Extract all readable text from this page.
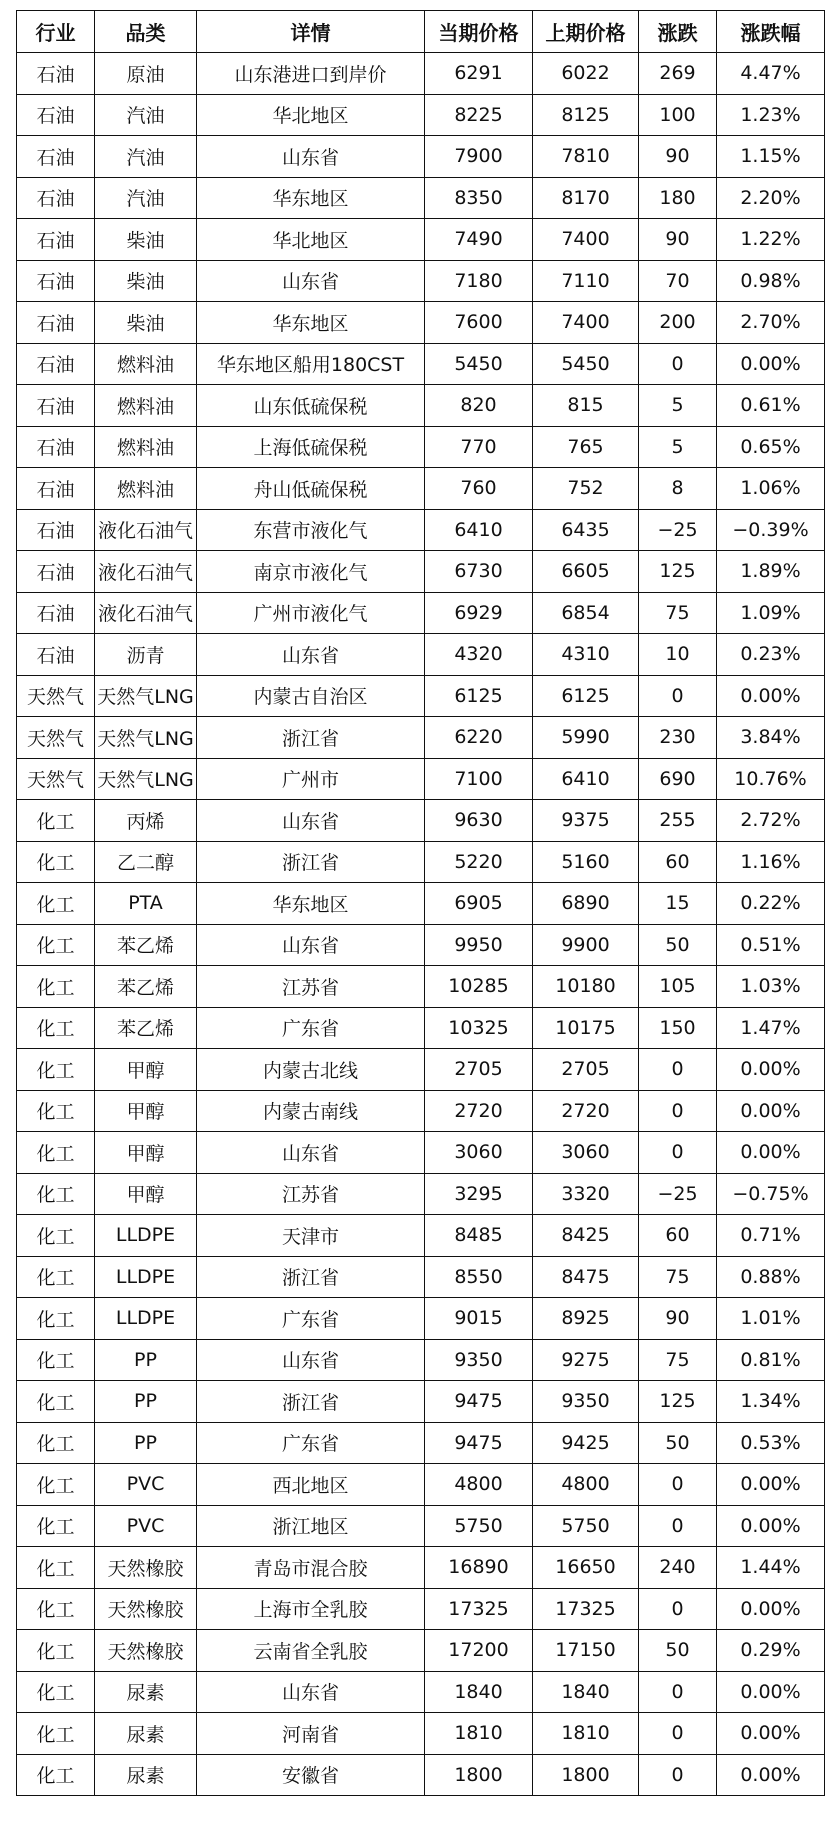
行业	品类	详情	当期价格	上期价格	涨跌	涨跌幅
石油	原油	山东港进口到岸价	6291	6022	269	4.47%
石油	汽油	华北地区	8225	8125	100	1.23%
石油	汽油	山东省	7900	7810	90	1.15%
石油	汽油	华东地区	8350	8170	180	2.20%
石油	柴油	华北地区	7490	7400	90	1.22%
石油	柴油	山东省	7180	7110	70	0.98%
石油	柴油	华东地区	7600	7400	200	2.70%
石油	燃料油	华东地区船用180CST	5450	5450	0	0.00%
石油	燃料油	山东低硫保税	820	815	5	0.61%
石油	燃料油	上海低硫保税	770	765	5	0.65%
石油	燃料油	舟山低硫保税	760	752	8	1.06%
石油	液化石油气	东营市液化气	6410	6435	−25	−0.39%
石油	液化石油气	南京市液化气	6730	6605	125	1.89%
石油	液化石油气	广州市液化气	6929	6854	75	1.09%
石油	沥青	山东省	4320	4310	10	0.23%
天然气	天然气LNG	内蒙古自治区	6125	6125	0	0.00%
天然气	天然气LNG	浙江省	6220	5990	230	3.84%
天然气	天然气LNG	广州市	7100	6410	690	10.76%
化工	丙烯	山东省	9630	9375	255	2.72%
化工	乙二醇	浙江省	5220	5160	60	1.16%
化工	PTA	华东地区	6905	6890	15	0.22%
化工	苯乙烯	山东省	9950	9900	50	0.51%
化工	苯乙烯	江苏省	10285	10180	105	1.03%
化工	苯乙烯	广东省	10325	10175	150	1.47%
化工	甲醇	内蒙古北线	2705	2705	0	0.00%
化工	甲醇	内蒙古南线	2720	2720	0	0.00%
化工	甲醇	山东省	3060	3060	0	0.00%
化工	甲醇	江苏省	3295	3320	−25	−0.75%
化工	LLDPE	天津市	8485	8425	60	0.71%
化工	LLDPE	浙江省	8550	8475	75	0.88%
化工	LLDPE	广东省	9015	8925	90	1.01%
化工	PP	山东省	9350	9275	75	0.81%
化工	PP	浙江省	9475	9350	125	1.34%
化工	PP	广东省	9475	9425	50	0.53%
化工	PVC	西北地区	4800	4800	0	0.00%
化工	PVC	浙江地区	5750	5750	0	0.00%
化工	天然橡胶	青岛市混合胶	16890	16650	240	1.44%
化工	天然橡胶	上海市全乳胶	17325	17325	0	0.00%
化工	天然橡胶	云南省全乳胶	17200	17150	50	0.29%
化工	尿素	山东省	1840	1840	0	0.00%
化工	尿素	河南省	1810	1810	0	0.00%
化工	尿素	安徽省	1800	1800	0	0.00%
